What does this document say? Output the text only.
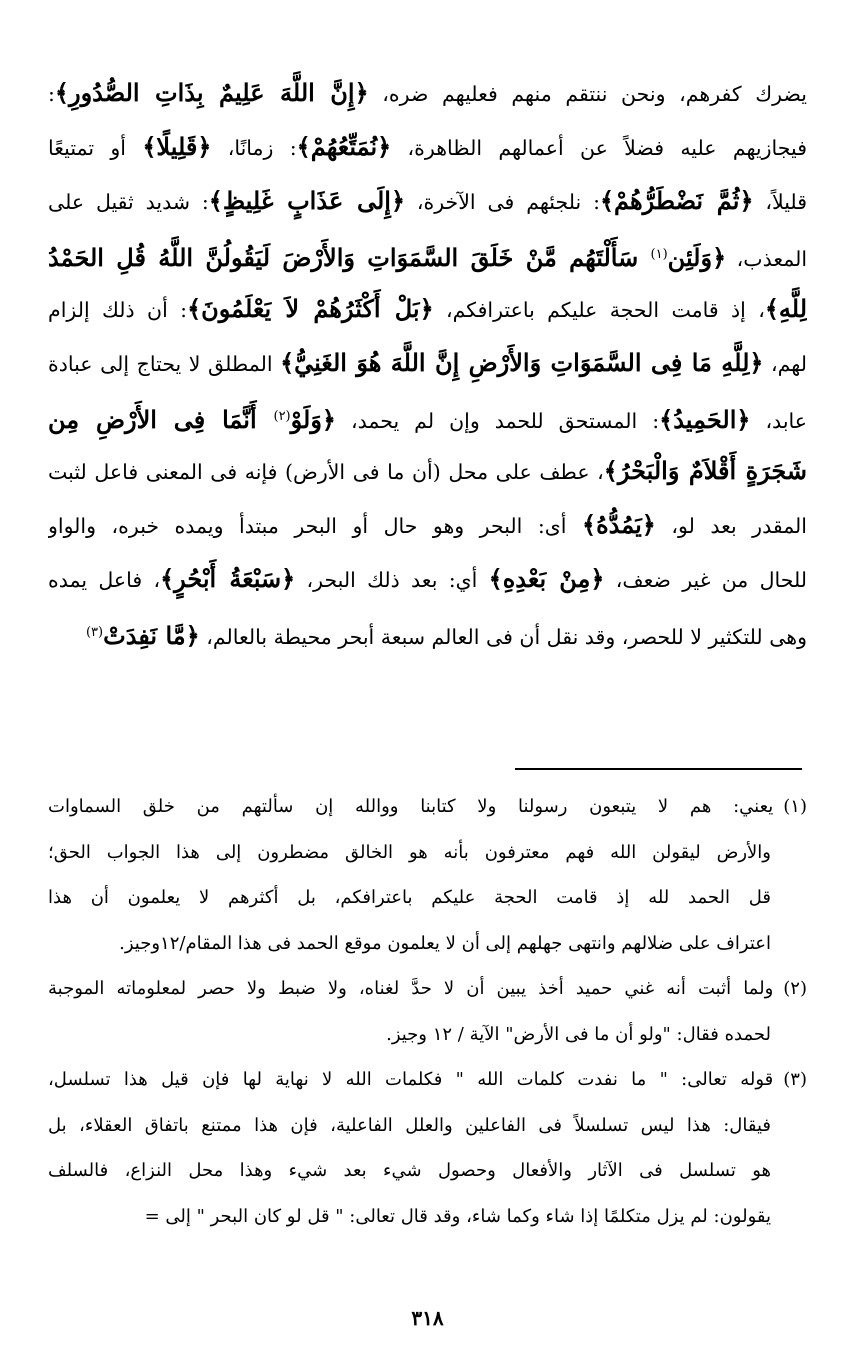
يضرك كفرهم، ونحن ننتقم منهم فعليهم ضره، ﴿إِنَّ اللَّهَ عَلِيمٌ بِذَاتِ الصُّدُورِ﴾:
فيجازيهم عليه فضلاً عن أعمالهم الظاهرة، ﴿نُمَتِّعُهُمْ﴾: زمانًا، ﴿قَلِيلًا﴾ أو تمتيعًا
قليلاً، ﴿ثُمَّ نَضْطَرُّهُمْ﴾: نلجئهم فى الآخرة، ﴿إِلَى عَذَابٍ غَلِيظٍ﴾: شديد ثقيل على
المعذب، ﴿وَلَئِن$^{(١)}$ سَأَلْتَهُم مَّنْ خَلَقَ السَّمَوَاتِ وَالأَرْضَ لَيَقُولُنَّ اللَّهُ قُلِ الحَمْدُ
لِلَّهِ﴾، إذ قامت الحجة عليكم باعترافكم، ﴿بَلْ أَكْثَرُهُمْ لاَ يَعْلَمُونَ﴾: أن ذلك إلزام
لهم، ﴿لِلَّهِ مَا فِى السَّمَوَاتِ وَالأَرْضِ إِنَّ اللَّهَ هُوَ الغَنِيُّ﴾ المطلق لا يحتاج إلى عبادة
عابد، ﴿الحَمِيدُ﴾: المستحق للحمد وإن لم يحمد، ﴿وَلَوْ$^{(٢)}$ أَنَّمَا فِى الأَرْضِ مِن
شَجَرَةٍ أَقْلاَمٌ وَالْبَحْرُ﴾، عطف على محل (أن ما فى الأرض) فإنه فى المعنى فاعل لثبت
المقدر بعد لو، ﴿يَمُدُّهُ﴾ أى: البحر وهو حال أو البحر مبتدأ ويمده خبره، والواو
للحال من غير ضعف، ﴿مِنْ بَعْدِهِ﴾ أي: بعد ذلك البحر، ﴿سَبْعَةُ أَبْحُرٍ﴾، فاعل يمده
وهى للتكثير لا للحصر، وقد نقل أن فى العالم سبعة أبحر محيطة بالعالم، ﴿مَّا نَفِدَتْ$^{(٣)}$
(١)يعني: هم لا يتبعون رسولنا ولا كتابنا ووالله إن سألتهم من خلق السماوات
والأرض ليقولن الله فهم معترفون بأنه هو الخالق مضطرون إلى هذا الجواب الحق؛
قل الحمد لله إذ قامت الحجة عليكم باعترافكم، بل أكثرهم لا يعلمون أن هذا
اعتراف على ضلالهم وانتهى جهلهم إلى أن لا يعلمون موقع الحمد فى هذا المقام/١٢وجيز.
(٢)ولما أثبت أنه غني حميد أخذ يبين أن لا حدَّ لغناه، ولا ضبط ولا حصر لمعلوماته الموجبة
لحمده فقال: "ولو أن ما فى الأرض" الآية / ١٢ وجيز.
(٣)قوله تعالى: " ما نفدت كلمات الله " فكلمات الله لا نهاية لها فإن قيل هذا تسلسل،
فيقال: هذا ليس تسلسلاً فى الفاعلين والعلل الفاعلية، فإن هذا ممتنع باتفاق العقلاء، بل
هو تسلسل فى الآثار والأفعال وحصول شيء بعد شيء وهذا محل النزاع، فالسلف
يقولون: لم يزل متكلمًا إذا شاء وكما شاء، وقد قال تعالى: " قل لو كان البحر " إلى =
٣١٨
